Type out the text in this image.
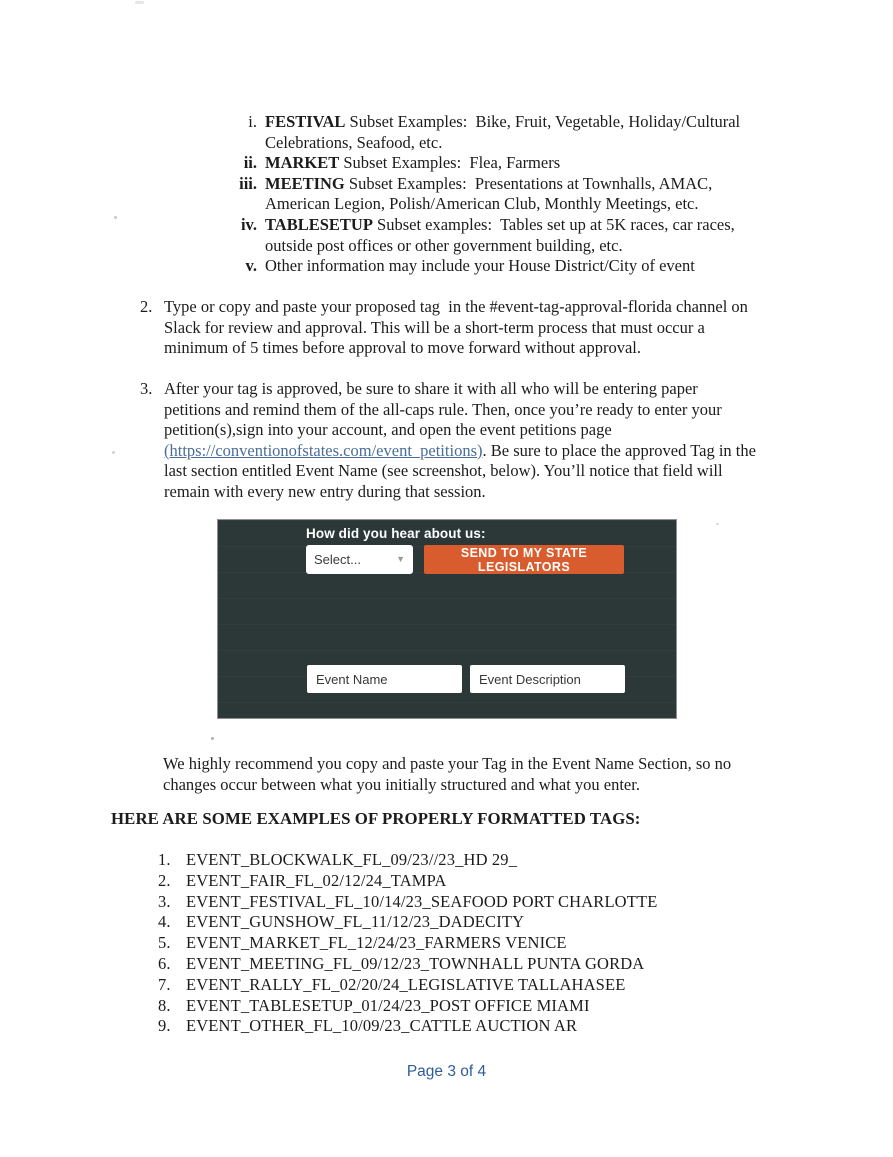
i. FESTIVAL Subset Examples:  Bike, Fruit, Vegetable, Holiday/Cultural
Celebrations, Seafood, etc.
ii. MARKET Subset Examples:  Flea, Farmers
iii. MEETING Subset Examples:  Presentations at Townhalls, AMAC,
American Legion, Polish/American Club, Monthly Meetings, etc.
iv. TABLESETUP Subset examples:  Tables set up at 5K races, car races,
outside post offices or other government building, etc.
v. Other information may include your House District/City of event
2. Type or copy and paste your proposed tag  in the #event-tag-approval-florida channel on
Slack for review and approval. This will be a short-term process that must occur a
minimum of 5 times before approval to move forward without approval.
3. After your tag is approved, be sure to share it with all who will be entering paper
petitions and remind them of the all-caps rule. Then, once you’re ready to enter your
petition(s),sign into your account, and open the event petitions page
(https://conventionofstates.com/event_petitions). Be sure to place the approved Tag in the
last section entitled Event Name (see screenshot, below). You’ll notice that field will
remain with every new entry during that session.
How did you hear about us:
Select...	▼	SEND TO MY STATE LEGISLATORS
Event Name	Event Description
We highly recommend you copy and paste your Tag in the Event Name Section, so no
changes occur between what you initially structured and what you enter.
HERE ARE SOME EXAMPLES OF PROPERLY FORMATTED TAGS:
1. EVENT_BLOCKWALK_FL_09/23//23_HD 29_
2. EVENT_FAIR_FL_02/12/24_TAMPA
3. EVENT_FESTIVAL_FL_10/14/23_SEAFOOD PORT CHARLOTTE
4. EVENT_GUNSHOW_FL_11/12/23_DADECITY
5. EVENT_MARKET_FL_12/24/23_FARMERS VENICE
6. EVENT_MEETING_FL_09/12/23_TOWNHALL PUNTA GORDA
7. EVENT_RALLY_FL_02/20/24_LEGISLATIVE TALLAHASEE
8. EVENT_TABLESETUP_01/24/23_POST OFFICE MIAMI
9. EVENT_OTHER_FL_10/09/23_CATTLE AUCTION AR
Page 3 of 4
